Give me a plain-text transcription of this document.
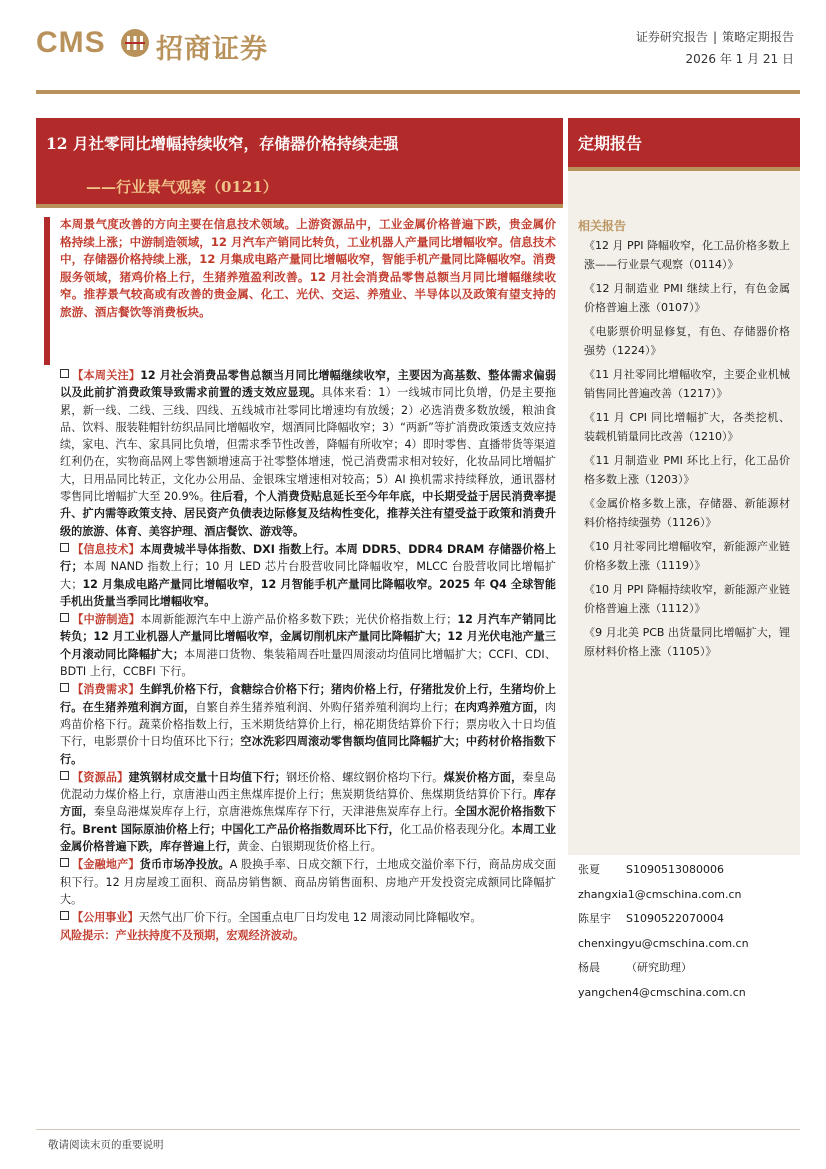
CMS 招商证券	证券研究报告 | 策略定期报告
2026 年 1 月 21 日
12 月社零同比增幅持续收窄，存储器价格持续走强
——行业景气观察（0121）
定期报告
本周景气度改善的方向主要在信息技术领域。上游资源品中，工业金属价格普遍下跌，贵金属价格持续上涨；中游制造领域，12 月汽车产销同比转负，工业机器人产量同比增幅收窄。信息技术中，存储器价格持续上涨，12 月集成电路产量同比增幅收窄，智能手机产量同比降幅收窄。消费服务领域，猪鸡价格上行，生猪养殖盈利改善。12 月社会消费品零售总额当月同比增幅继续收窄。推荐景气较高或有改善的贵金属、化工、光伏、交运、养殖业、半导体以及政策有望支持的旅游、酒店餐饮等消费板块。
【本周关注】12 月社会消费品零售总额当月同比增幅继续收窄，主要因为高基数、整体需求偏弱以及此前扩消费政策导致需求前置的透支效应显现。具体来看：1）一线城市同比负增，仍是主要拖累，新一线、二线、三线、四线、五线城市社零同比增速均有放缓；2）必选消费多数放缓，粮油食品、饮料、服装鞋帽针纺织品同比增幅收窄，烟酒同比降幅收窄；3）“两新”等扩消费政策透支效应持续，家电、汽车、家具同比负增，但需求季节性改善，降幅有所收窄；4）即时零售、直播带货等渠道红利仍在，实物商品网上零售额增速高于社零整体增速，悦己消费需求相对较好，化妆品同比增幅扩大，日用品同比转正，文化办公用品、金银珠宝增速相对较高；5）AI 换机需求持续释放，通讯器材零售同比增幅扩大至 20.9%。往后看，个人消费贷贴息延长至今年年底，中长期受益于居民消费率提升、扩内需等政策支持、居民资产负债表边际修复及结构性变化，推荐关注有望受益于政策和消费升级的旅游、体育、美容护理、酒店餐饮、游戏等。
【信息技术】本周费城半导体指数、DXI 指数上行。本周 DDR5、DDR4 DRAM 存储器价格上行；本周 NAND 指数上行；10 月 LED 芯片台股营收同比降幅收窄，MLCC 台股营收同比增幅扩大；12 月集成电路产量同比增幅收窄，12 月智能手机产量同比降幅收窄。2025 年 Q4 全球智能手机出货量当季同比增幅收窄。
【中游制造】本周新能源汽车中上游产品价格多数下跌；光伏价格指数上行；12 月汽车产销同比转负；12 月工业机器人产量同比增幅收窄，金属切削机床产量同比降幅扩大；12 月光伏电池产量三个月滚动同比降幅扩大；本周港口货物、集装箱周吞吐量四周滚动均值同比增幅扩大；CCFI、CDI、BDTI 上行，CCBFI 下行。
【消费需求】生鲜乳价格下行，食糖综合价格下行；猪肉价格上行，仔猪批发价上行，生猪均价上行。在生猪养殖利润方面，自繁自养生猪养殖利润、外购仔猪养殖利润均上行；在肉鸡养殖方面，肉鸡苗价格下行。蔬菜价格指数上行，玉米期货结算价上行，棉花期货结算价下行；票房收入十日均值下行，电影票价十日均值环比下行；空冰洗彩四周滚动零售额均值同比降幅扩大；中药材价格指数下行。
【资源品】建筑钢材成交量十日均值下行；钢坯价格、螺纹钢价格均下行。煤炭价格方面，秦皇岛优混动力煤价格上行，京唐港山西主焦煤库提价上行；焦炭期货结算价、焦煤期货结算价下行。库存方面，秦皇岛港煤炭库存上行，京唐港炼焦煤库存下行，天津港焦炭库存上行。全国水泥价格指数下行。Brent 国际原油价格上行；中国化工产品价格指数周环比下行，化工品价格表现分化。本周工业金属价格普遍下跌，库存普遍上行，黄金、白银期现货价格上行。
【金融地产】货币市场净投放。A 股换手率、日成交额下行，土地成交溢价率下行，商品房成交面积下行。12 月房屋竣工面积、商品房销售额、商品房销售面积、房地产开发投资完成额同比降幅扩大。
【公用事业】天然气出厂价下行。全国重点电厂日均发电 12 周滚动同比降幅收窄。
风险提示：产业扶持度不及预期，宏观经济波动。
相关报告
《12 月 PPI 降幅收窄，化工品价格多数上涨——行业景气观察（0114）》
《12 月制造业 PMI 继续上行，有色金属价格普遍上涨（0107）》
《电影票价明显修复，有色、存储器价格强势（1224）》
《11 月社零同比增幅收窄，主要企业机械销售同比普遍改善（1217）》
《11 月 CPI 同比增幅扩大，各类挖机、装载机销量同比改善（1210）》
《11 月制造业 PMI 环比上行，化工品价格多数上涨（1203）》
《金属价格多数上涨，存储器、新能源材料价格持续强势（1126）》
《10 月社零同比增幅收窄，新能源产业链价格多数上涨（1119）》
《10 月 PPI 降幅持续收窄，新能源产业链价格普遍上涨（1112）》
《9 月北美 PCB 出货量同比增幅扩大，锂原材料价格上涨（1105）》
张夏 S1090513080006
zhangxia1@cmschina.com.cn
陈星宇 S1090522070004
chenxingyu@cmschina.com.cn
杨晨 （研究助理）
yangchen4@cmschina.com.cn
敬请阅读末页的重要说明
